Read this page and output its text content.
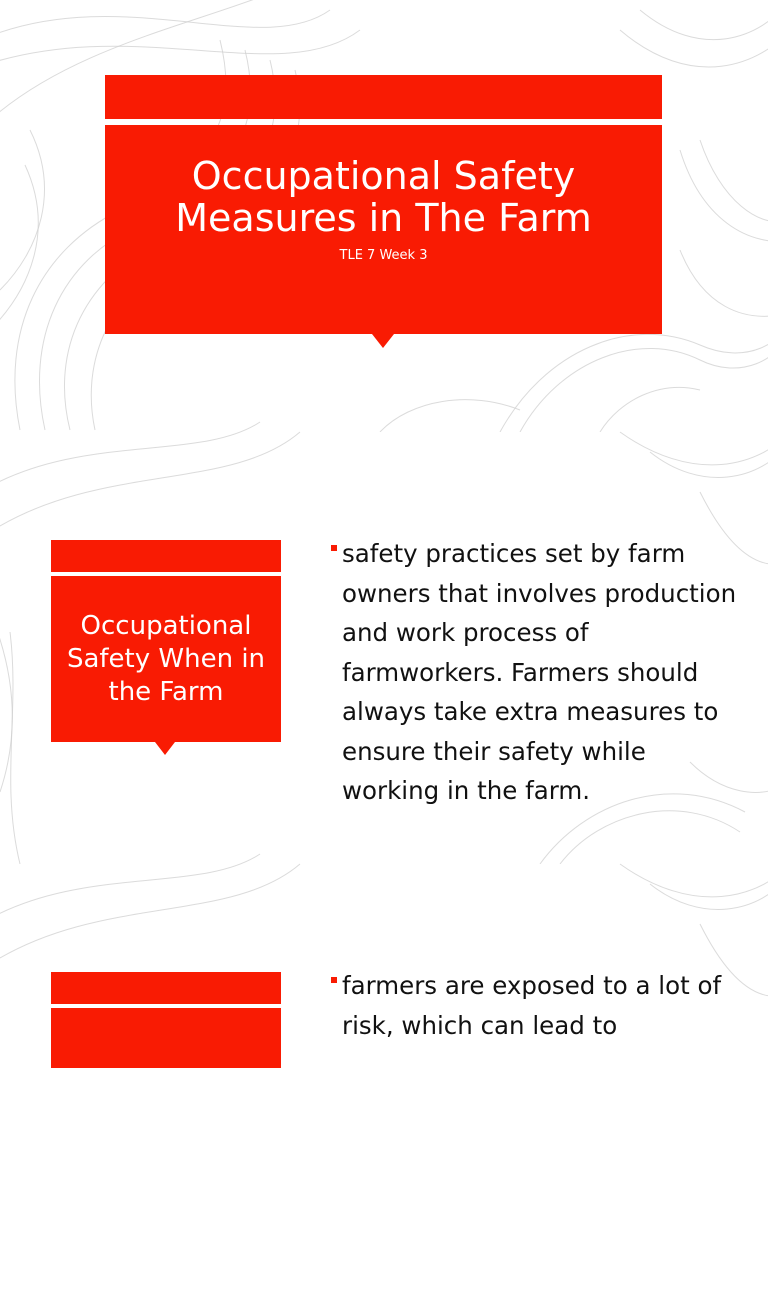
Occupational Safety Measures in The Farm

TLE 7 Week 3

Occupational Safety When in the Farm

safety practices set by farm owners that involves production and work process of farmworkers. Farmers should always take extra measures to ensure their safety while working in the farm.

farmers are exposed to a lot of risk, which can lead to
